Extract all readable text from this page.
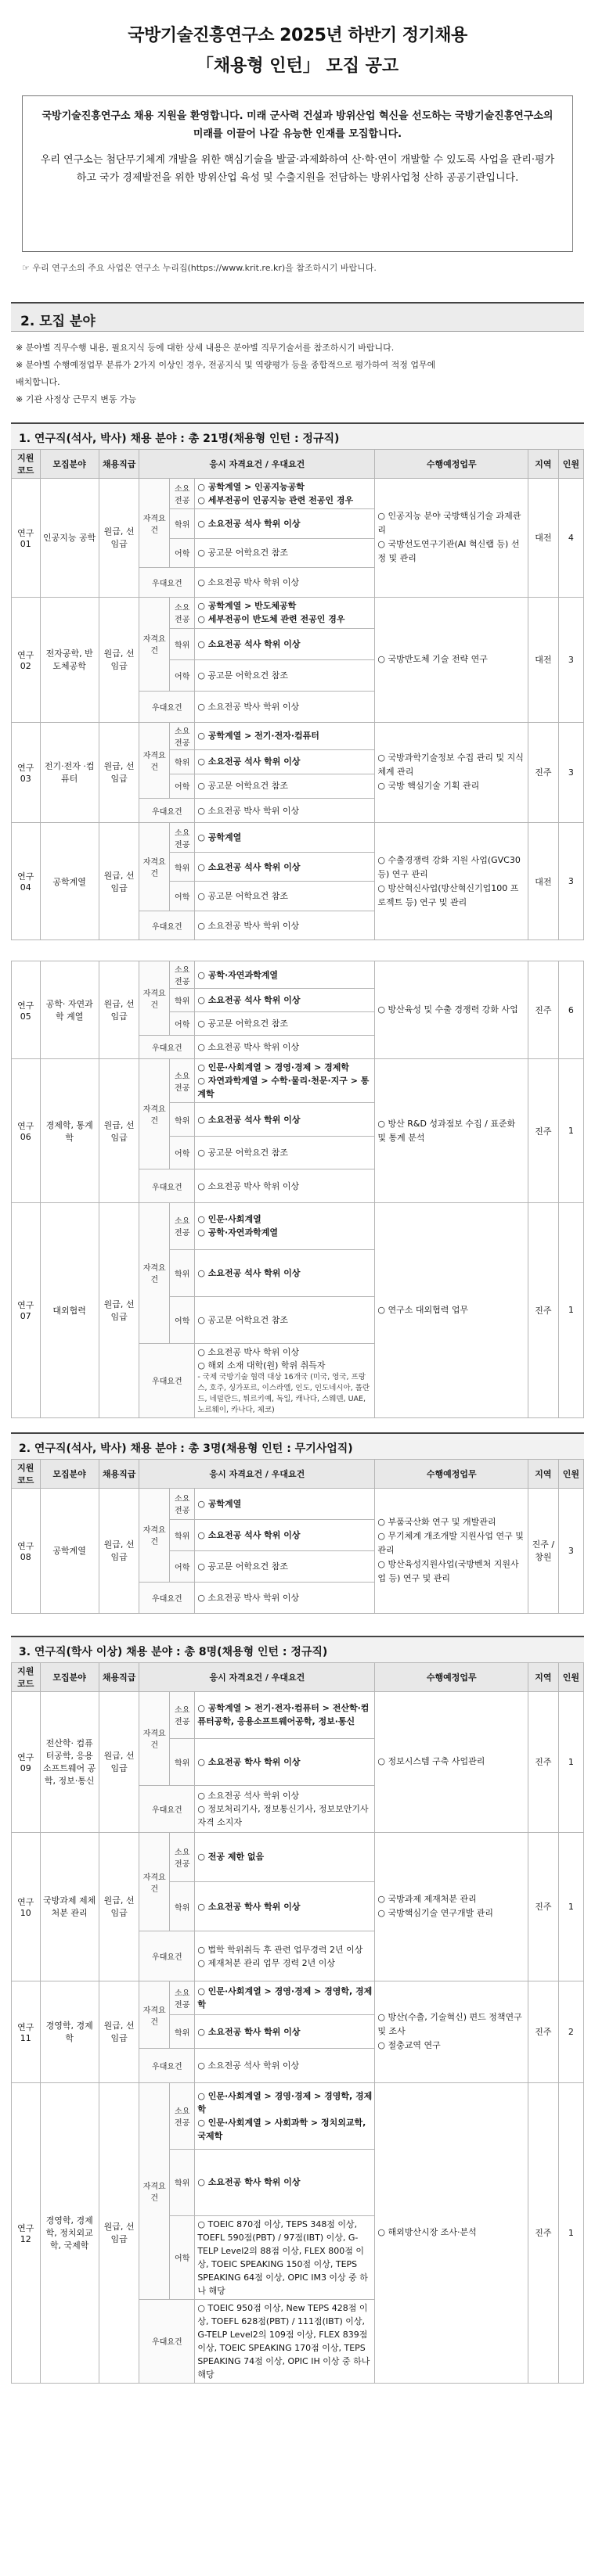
국방기술진흥연구소 2025년 하반기 정기채용
「채용형 인턴」 모집 공고

국방기술진흥연구소 채용 지원을 환영합니다. 미래 군사력 건설과 방위산업 혁신을 선도하는 국방기술진흥연구소의 미래를 이끌어 나갈 유능한 인재를 모집합니다.

우리 연구소는 첨단무기체계 개발을 위한 핵심기술을 발굴·과제화하여 산·학·연이 개발할 수 있도록 사업을 관리·평가하고 국가 경제발전을 위한 방위산업 육성 및 수출지원을 전담하는 방위사업청 산하 공공기관입니다.

☞ 우리 연구소의 주요 사업은 연구소 누리집(https://www.krit.re.kr)을 참조하시기 바랍니다.
2. 모집 분야
※ 분야별 직무수행 내용, 필요지식 등에 대한 상세 내용은 분야별 직무기술서를 참조하시기 바랍니다.
※ 분야별 수행예정업무 분류가 2가지 이상인 경우, 전공지식 및 역량평가 등을 종합적으로 평가하여 적정 업무에
배치합니다.
※ 기관 사정상 근무지 변동 가능
1. 연구직(석사, 박사) 채용 분야 : 총 21명(채용형 인턴 : 정규직)
지원코드	모집분야	채용직급	응시 자격요건 / 우대요건			수행예정업무	지역	인원
연구 01	인공지능 공학	원급, 선임급	자격요건	소요전공	○ 공학계열 > 인공지능공학
○ 세부전공이 인공지능 관련 전공인 경우	○ 인공지능 분야 국방핵심기술 과제관리
○ 국방선도연구기관(AI 혁신랩 등) 선정 및 관리	대전	4
				학위	○ 소요전공 석사 학위 이상			
				어학	○ 공고문 어학요건 참조			
			우대요건		○ 소요전공 박사 학위 이상			

연구 02	전자공학, 반도체공학	원급, 선임급	자격요건	소요전공	○ 공학계열 > 반도체공학
○ 세부전공이 반도체 관련 전공인 경우	○ 국방반도체 기술 전략 연구	대전	3
				학위	○ 소요전공 석사 학위 이상			
				어학	○ 공고문 어학요건 참조			
			우대요건		○ 소요전공 박사 학위 이상			

연구 03	전기·전자 ·컴퓨터	원급, 선임급	자격요건	소요전공	○ 공학계열 > 전기·전자·컴퓨터	○ 국방과학기술정보 수집 관리 및 지식체계 관리
○ 국방 핵심기술 기획 관리	진주	3
				학위	○ 소요전공 석사 학위 이상			
				어학	○ 공고문 어학요건 참조			
			우대요건		○ 소요전공 박사 학위 이상			

연구 04	공학계열	원급, 선임급	자격요건	소요전공	○ 공학계열	○ 수출경쟁력 강화 지원 사업(GVC30 등) 연구 관리
○ 방산혁신사업(방산혁신기업100 프로젝트 등) 연구 및 관리	대전	3
				학위	○ 소요전공 석사 학위 이상			
				어학	○ 공고문 어학요건 참조			
			우대요건		○ 소요전공 박사 학위 이상			
연구 05	공학· 자연과학 계열	원급, 선임급	자격요건	소요전공	○ 공학·자연과학계열	○ 방산육성 및 수출 경쟁력 강화 사업	진주	6
				학위	○ 소요전공 석사 학위 이상			
				어학	○ 공고문 어학요건 참조			
			우대요건		○ 소요전공 박사 학위 이상			

연구 06	경제학, 통계학	원급, 선임급	자격요건	소요전공	○ 인문·사회계열 > 경영·경제 > 경제학
○ 자연과학계열 > 수학·물리·천문·지구 > 통계학	○ 방산 R&D 성과점보 수집 / 표준화 및 통계 분석	진주	1
				학위	○ 소요전공 석사 학위 이상			
				어학	○ 공고문 어학요건 참조			
			우대요건		○ 소요전공 박사 학위 이상			

연구 07	대외협력	원급, 선임급	자격요건	소요전공	○ 인문·사회계열
○ 공학·자연과학계열	○ 연구소 대외협력 업무	진주	1
				학위	○ 소요전공 석사 학위 이상			
				어학	○ 공고문 어학요건 참조			
			우대요건		○ 소요전공 박사 학위 이상
○ 해외 소재 대학(원) 학위 취득자
- 국제 국방기술 협력 대상 16개국 (미국, 영국, 프랑스, 호주, 싱가포르, 이스라엘, 인도, 인도네시아, 폴란드, 네덜란드, 튀르키예, 독일, 캐나다, 스웨덴, UAE, 노르웨이, 카나다, 체코)			
2. 연구직(석사, 박사) 채용 분야 : 총 3명(채용형 인턴 : 무기사업직)
지원코드	모집분야	채용직급	응시 자격요건 / 우대요건			수행예정업무	지역	인원
연구 08	공학계열	원급, 선임급	자격요건	소요전공	○ 공학계열	○ 부품국산화 연구 및 개발관리
○ 무기체계 개조개발 지원사업 연구 및 관리
○ 방산육성지원사업(국방벤처 지원사업 등) 연구 및 관리	진주 / 창원	3
				학위	○ 소요전공 석사 학위 이상			
				어학	○ 공고문 어학요건 참조			
			우대요건		○ 소요전공 박사 학위 이상			
3. 연구직(학사 이상) 채용 분야 : 총 8명(채용형 인턴 : 정규직)
지원코드	모집분야	채용직급	응시 자격요건 / 우대요건			수행예정업무	지역	인원
연구 09	전산학· 컴퓨터공학, 응용 소프트웨어 공학, 정보·통신	원급, 선임급	자격요건	소요전공	○ 공학계열 > 전기·전자·컴퓨터 > 전산학·컴퓨터공학, 응용소프트웨어공학, 정보·통신	○ 정보시스템 구축 사업관리	진주	1
				학위	○ 소요전공 학사 학위 이상			
			우대요건		○ 소요전공 석사 학위 이상
○ 정보처리기사, 정보통신기사, 정보보안기사 자격 소지자			

연구 10	국방과제 제체처분 관리	원급, 선임급	자격요건	소요전공	○ 전공 제한 없음	○ 국방과제 제재처분 관리
○ 국방핵심기술 연구개발 관리	진주	1
				학위	○ 소요전공 학사 학위 이상			
			우대요건		○ 법학 학위취득 후 관련 업무경력 2년 이상
○ 제재처분 관리 업무 경력 2년 이상			

연구 11	경영학, 경제학	원급, 선임급	자격요건	소요전공	○ 인문·사회계열 > 경영·경제 > 경영학, 경제학	○ 방산(수출, 기술혁신) 편드 정책연구 및 조사
○ 절충교역 연구	진주	2
				학위	○ 소요전공 학사 학위 이상			
			우대요건		○ 소요전공 석사 학위 이상			

연구 12	경영학, 경제학, 정치외교학, 국제학	원급, 선임급	자격요건	소요전공	○ 인문·사회계열 > 경영·경제 > 경영학, 경제학
○ 인문·사회계열 > 사회과학 > 정치외교학, 국제학	○ 해외방산시장 조사·분석	진주	1
				학위	○ 소요전공 학사 학위 이상			
				어학	○ TOEIC 870점 이상, TEPS 348점 이상, TOEFL 590점(PBT) / 97점(IBT) 이상, G-TELP Level2의 88점 이상, FLEX 800점 이상, TOEIC SPEAKING 150점 이상, TEPS SPEAKING 64점 이상, OPIC IM3 이상 중 하나 해당			
			우대요건		○ TOEIC 950점 이상, New TEPS 428점 이상, TOEFL 628점(PBT) / 111점(IBT) 이상, G-TELP Level2의 109점 이상, FLEX 839점 이상, TOEIC SPEAKING 170점 이상, TEPS SPEAKING 74점 이상, OPIC IH 이상 중 하나 해당			
